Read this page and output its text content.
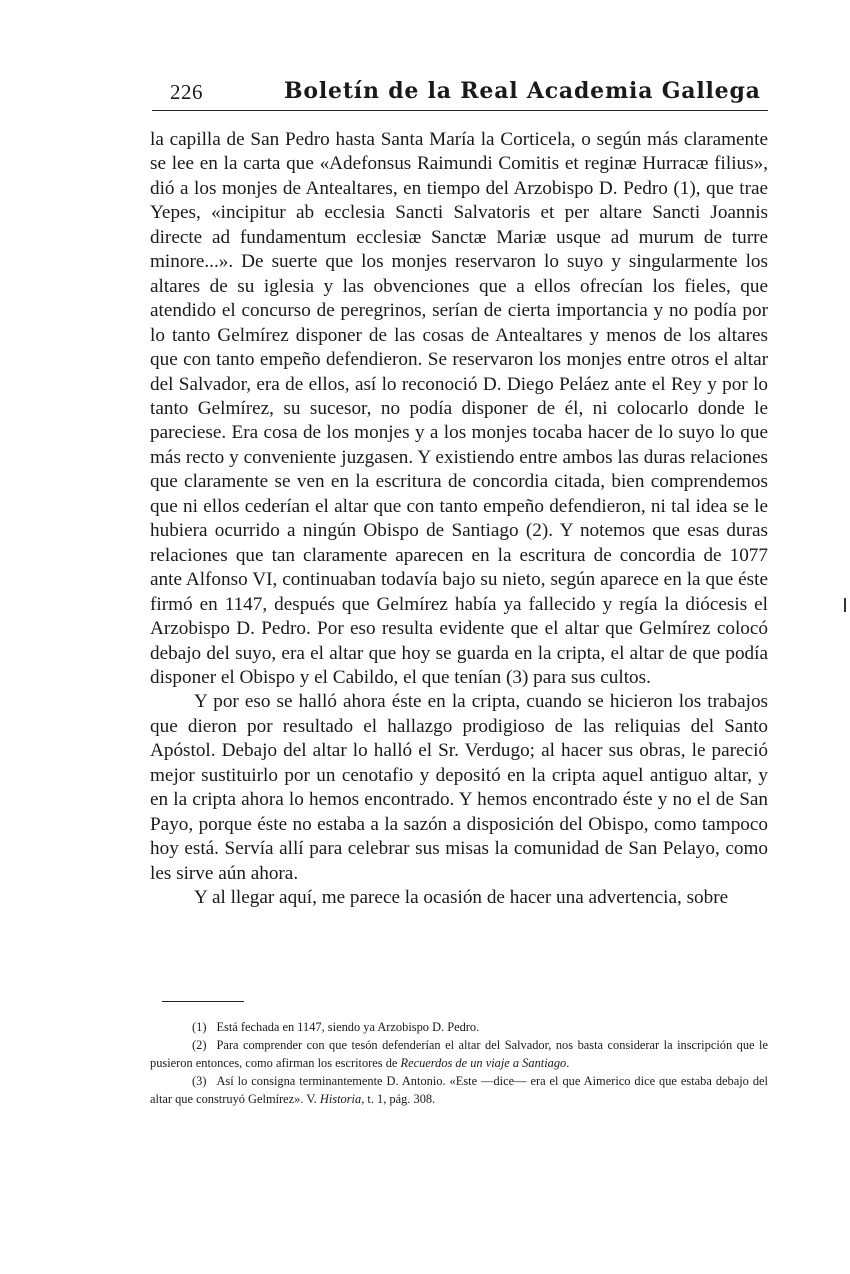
226	Boletín de la Real Academia Gallega

la capilla de San Pedro hasta Santa María la Corticela, o según más claramente se lee en la carta que «Adefonsus Raimundi Comitis et reginæ Hurracæ filius», dió a los monjes de Antealtares, en tiempo del Arzobispo D. Pedro (1), que trae Yepes, «incipitur ab ecclesia Sancti Salvatoris et per altare Sancti Joannis directe ad fundamentum ecclesiæ Sanctæ Mariæ usque ad murum de turre minore...». De suerte que los monjes reservaron lo suyo y singularmente los altares de su iglesia y las obvenciones que a ellos ofrecían los fieles, que atendido el concurso de peregrinos, serían de cierta importancia y no podía por lo tanto Gelmírez disponer de las cosas de Antealtares y menos de los altares que con tanto empeño defendieron. Se reservaron los monjes entre otros el altar del Salvador, era de ellos, así lo reconoció D. Diego Peláez ante el Rey y por lo tanto Gelmírez, su sucesor, no podía disponer de él, ni colocarlo donde le pareciese. Era cosa de los monjes y a los monjes tocaba hacer de lo suyo lo que más recto y conveniente juzgasen. Y existiendo entre ambos las duras relaciones que claramente se ven en la escritura de concordia citada, bien comprendemos que ni ellos cederían el altar que con tanto empeño defendieron, ni tal idea se le hubiera ocurrido a ningún Obispo de Santiago (2). Y notemos que esas duras relaciones que tan claramente aparecen en la escritura de concordia de 1077 ante Alfonso VI, continuaban todavía bajo su nieto, según aparece en la que éste firmó en 1147, después que Gelmírez había ya fallecido y regía la diócesis el Arzobispo D. Pedro. Por eso resulta evidente que el altar que Gelmírez colocó debajo del suyo, era el altar que hoy se guarda en la cripta, el altar de que podía disponer el Obispo y el Cabildo, el que tenían (3) para sus cultos.

Y por eso se halló ahora éste en la cripta, cuando se hicieron los trabajos que dieron por resultado el hallazgo prodigioso de las reliquias del Santo Apóstol. Debajo del altar lo halló el Sr. Verdugo; al hacer sus obras, le pareció mejor sustituirlo por un cenotafio y depositó en la cripta aquel antiguo altar, y en la cripta ahora lo hemos encontrado. Y hemos encontrado éste y no el de San Payo, porque éste no estaba a la sazón a disposición del Obispo, como tampoco hoy está. Servía allí para celebrar sus misas la comunidad de San Pelayo, como les sirve aún ahora.

Y al llegar aquí, me parece la ocasión de hacer una advertencia, sobre

(1) Está fechada en 1147, siendo ya Arzobispo D. Pedro.

(2) Para comprender con que tesón defenderían el altar del Salvador, nos basta considerar la inscripción que le pusieron entonces, como afirman los escritores de Recuerdos de un viaje a Santiago.

(3) Así lo consigna terminantemente D. Antonio. «Este —dice— era el que Aimerico dice que estaba debajo del altar que construyó Gelmírez». V. Historia, t. 1, pág. 308.
